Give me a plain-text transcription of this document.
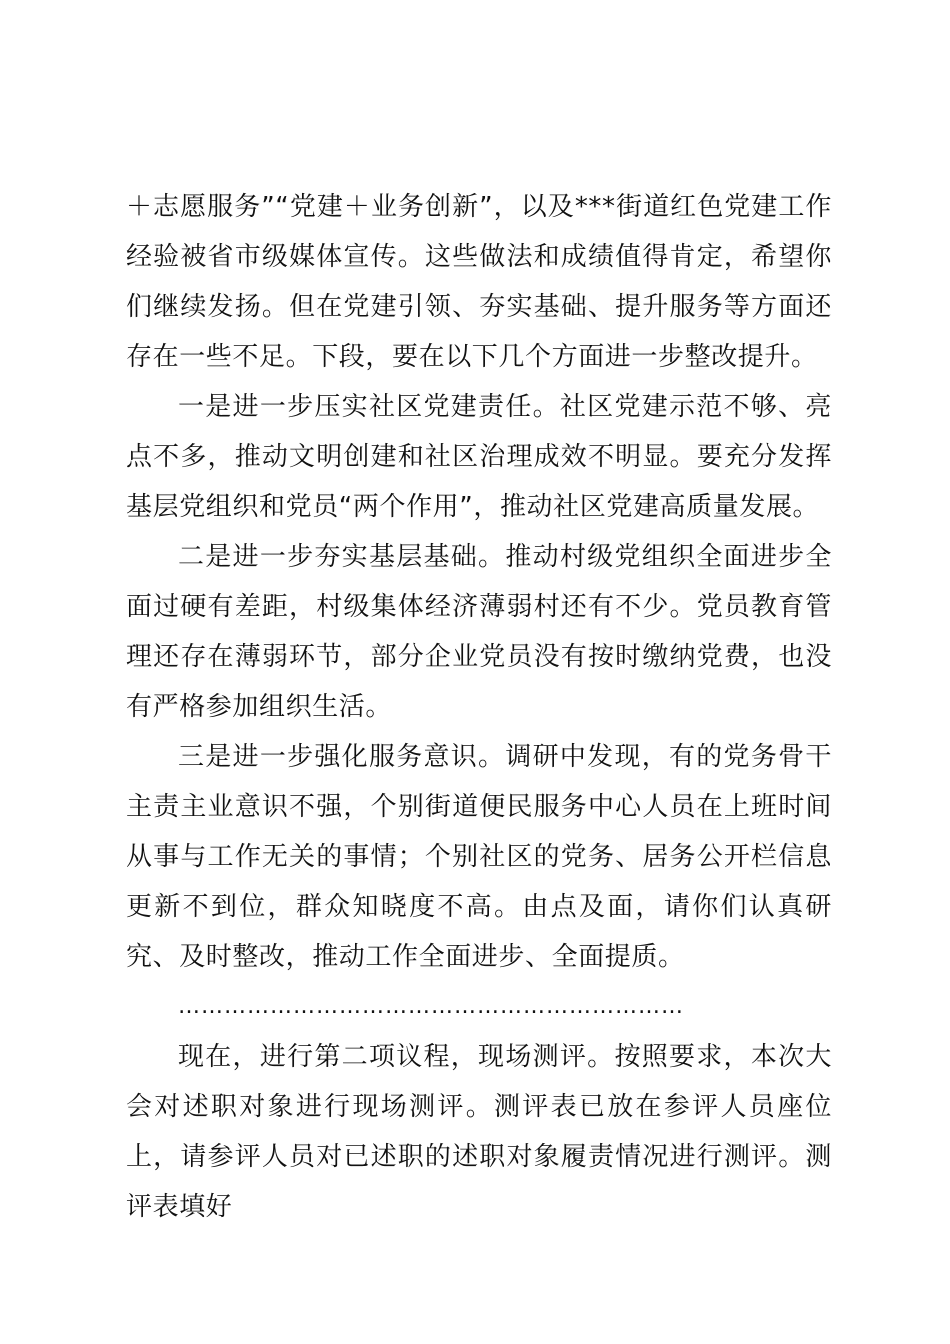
＋志愿服务”“党建＋业务创新”，以及***街道红色党建工作经验被省市级媒体宣传。这些做法和成绩值得肯定，希望你们继续发扬。但在党建引领、夯实基础、提升服务等方面还存在一些不足。下段，要在以下几个方面进一步整改提升。

一是进一步压实社区党建责任。社区党建示范不够、亮点不多，推动文明创建和社区治理成效不明显。要充分发挥基层党组织和党员“两个作用”，推动社区党建高质量发展。

二是进一步夯实基层基础。推动村级党组织全面进步全面过硬有差距，村级集体经济薄弱村还有不少。党员教育管理还存在薄弱环节，部分企业党员没有按时缴纳党费，也没有严格参加组织生活。

三是进一步强化服务意识。调研中发现，有的党务骨干主责主业意识不强，个别街道便民服务中心人员在上班时间从事与工作无关的事情；个别社区的党务、居务公开栏信息更新不到位，群众知晓度不高。由点及面，请你们认真研究、及时整改，推动工作全面进步、全面提质。

…………………………………………………………

现在，进行第二项议程，现场测评。按照要求，本次大会对述职对象进行现场测评。测评表已放在参评人员座位上，请参评人员对已述职的述职对象履责情况进行测评。测评表填好
